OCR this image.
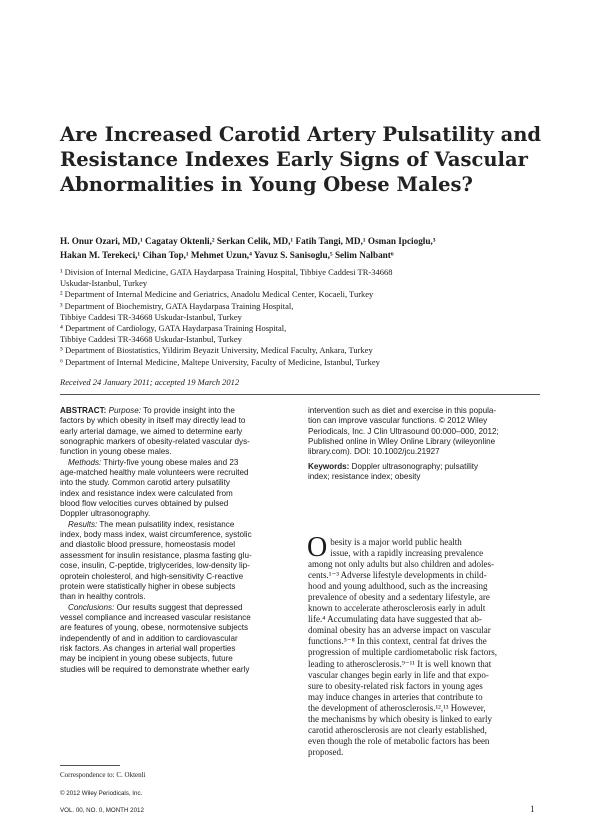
Are Increased Carotid Artery Pulsatility and
Resistance Indexes Early Signs of Vascular
Abnormalities in Young Obese Males?
H. Onur Ozari, MD,¹ Cagatay Oktenli,² Serkan Celik, MD,¹ Fatih Tangi, MD,¹ Osman Ipcioglu,³
Hakan M. Terekeci,¹ Cihan Top,¹ Mehmet Uzun,⁴ Yavuz S. Sanisoglu,⁵ Selim Nalbant⁶
¹ Division of Internal Medicine, GATA Haydarpasa Training Hospital, Tibbiye Caddesi TR-34668
Uskudar-Istanbul, Turkey
² Department of Internal Medicine and Geriatrics, Anadolu Medical Center, Kocaeli, Turkey
³ Department of Biochemistry, GATA Haydarpasa Training Hospital,
Tibbiye Caddesi TR-34668 Uskudar-Istanbul, Turkey
⁴ Department of Cardiology, GATA Haydarpasa Training Hospital,
Tibbiye Caddesi TR-34668 Uskudar-Istanbul, Turkey
⁵ Department of Biostatistics, Yildirim Beyazit University, Medical Faculty, Ankara, Turkey
⁶ Department of Internal Medicine, Maltepe University, Faculty of Medicine, Istanbul, Turkey
Received 24 January 2011; accepted 19 March 2012
ABSTRACT: Purpose: To provide insight into the
factors by which obesity in itself may directly lead to
early arterial damage, we aimed to determine early
sonographic markers of obesity-related vascular dys-
function in young obese males.
Methods: Thirty-five young obese males and 23
age-matched healthy male volunteers were recruited
into the study. Common carotid artery pulsatility
index and resistance index were calculated from
blood flow velocities curves obtained by pulsed
Doppler ultrasonography.
Results: The mean pulsatility index, resistance
index, body mass index, waist circumference, systolic
and diastolic blood pressure, homeostasis model
assessment for insulin resistance, plasma fasting glu-
cose, insulin, C-peptide, triglycerides, low-density lip-
oprotein cholesterol, and high-sensitivity C-reactive
protein were statistically higher in obese subjects
than in healthy controls.
Conclusions: Our results suggest that depressed
vessel compliance and increased vascular resistance
are features of young, obese, normotensive subjects
independently of and in addition to cardiovascular
risk factors. As changes in arterial wall properties
may be incipient in young obese subjects, future
studies will be required to demonstrate whether early
intervention such as diet and exercise in this popula-
tion can improve vascular functions. © 2012 Wiley
Periodicals, Inc. J Clin Ultrasound 00:000–000, 2012;
Published online in Wiley Online Library (wileyonline
library.com). DOI: 10.1002/jcu.21927
Keywords: Doppler ultrasonography; pulsatility
index; resistance index; obesity
O besity is a major world public health
issue, with a rapidly increasing prevalence
among not only adults but also children and adoles-
cents.¹⁻³ Adverse lifestyle developments in child-
hood and young adulthood, such as the increasing
prevalence of obesity and a sedentary lifestyle, are
known to accelerate atherosclerosis early in adult
life.⁴ Accumulating data have suggested that ab-
dominal obesity has an adverse impact on vascular
functions.⁵⁻⁸ In this context, central fat drives the
progression of multiple cardiometabolic risk factors,
leading to atherosclerosis.⁹⁻¹¹ It is well known that
vascular changes begin early in life and that expo-
sure to obesity-related risk factors in young ages
may induce changes in arteries that contribute to
the development of atherosclerosis.¹²,¹³ However,
the mechanisms by which obesity is linked to early
carotid atherosclerosis are not clearly established,
even though the role of metabolic factors has been
proposed.
Correspondence to: C. Oktenli
© 2012 Wiley Periodicals, Inc.
VOL. 00, NO. 0, MONTH 2012	1
